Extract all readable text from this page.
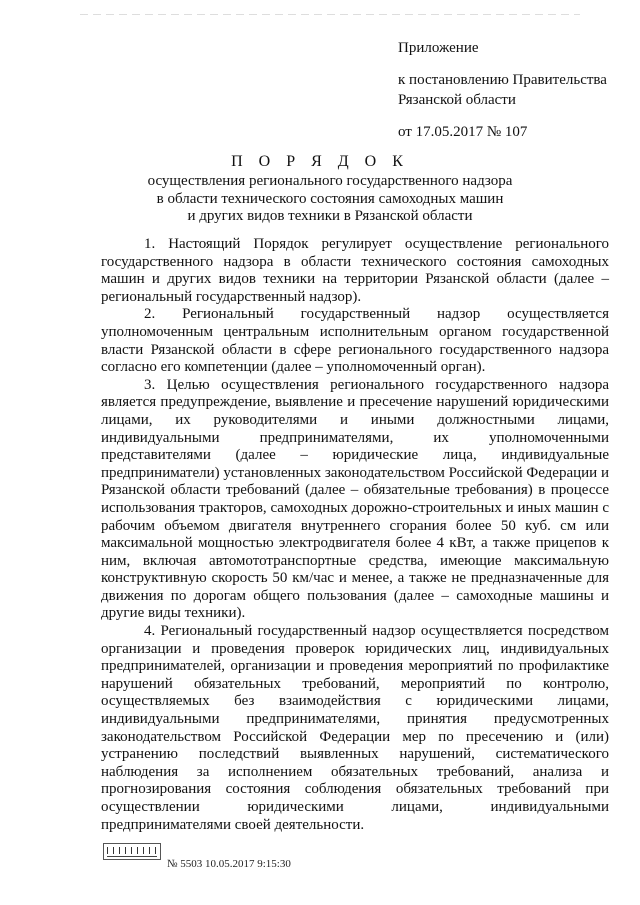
Приложение
к постановлению Правительства
Рязанской области
от 17.05.2017 № 107
П О Р Я Д О К
осуществления регионального государственного надзора
в области технического состояния самоходных машин
и других видов техники в Рязанской области

1. Настоящий Порядок регулирует осуществление регионального государственного надзора в области технического состояния самоходных машин и других видов техники на территории Рязанской области (далее – региональный государственный надзор).

2. Региональный государственный надзор осуществляется уполномоченным центральным исполнительным органом государственной власти Рязанской области в сфере регионального государственного надзора согласно его компетенции (далее – уполномоченный орган).

3. Целью осуществления регионального государственного надзора является предупреждение, выявление и пресечение нарушений юридическими лицами, их руководителями и иными должностными лицами, индивидуальными предпринимателями, их уполномоченными представителями (далее – юридические лица, индивидуальные предприниматели) установленных законодательством Российской Федерации и Рязанской области требований (далее – обязательные требования) в процессе использования тракторов, самоходных дорожно-строительных и иных машин с рабочим объемом двигателя внутреннего сгорания более 50 куб. см или максимальной мощностью электродвигателя более 4 кВт, а также прицепов к ним, включая автомототранспортные средства, имеющие максимальную конструктивную скорость 50 км/час и менее, а также не предназначенные для движения по дорогам общего пользования (далее – самоходные машины и другие виды техники).

4. Региональный государственный надзор осуществляется посредством организации и проведения проверок юридических лиц, индивидуальных предпринимателей, организации и проведения мероприятий по профилактике нарушений обязательных требований, мероприятий по контролю, осуществляемых без взаимодействия с юридическими лицами, индивидуальными предпринимателями, принятия предусмотренных законодательством Российской Федерации мер по пресечению и (или) устранению последствий выявленных нарушений, систематического наблюдения за исполнением обязательных требований, анализа и прогнозирования состояния соблюдения обязательных требований при осуществлении юридическими лицами, индивидуальными предпринимателями своей деятельности.

№ 5503 10.05.2017 9:15:30
